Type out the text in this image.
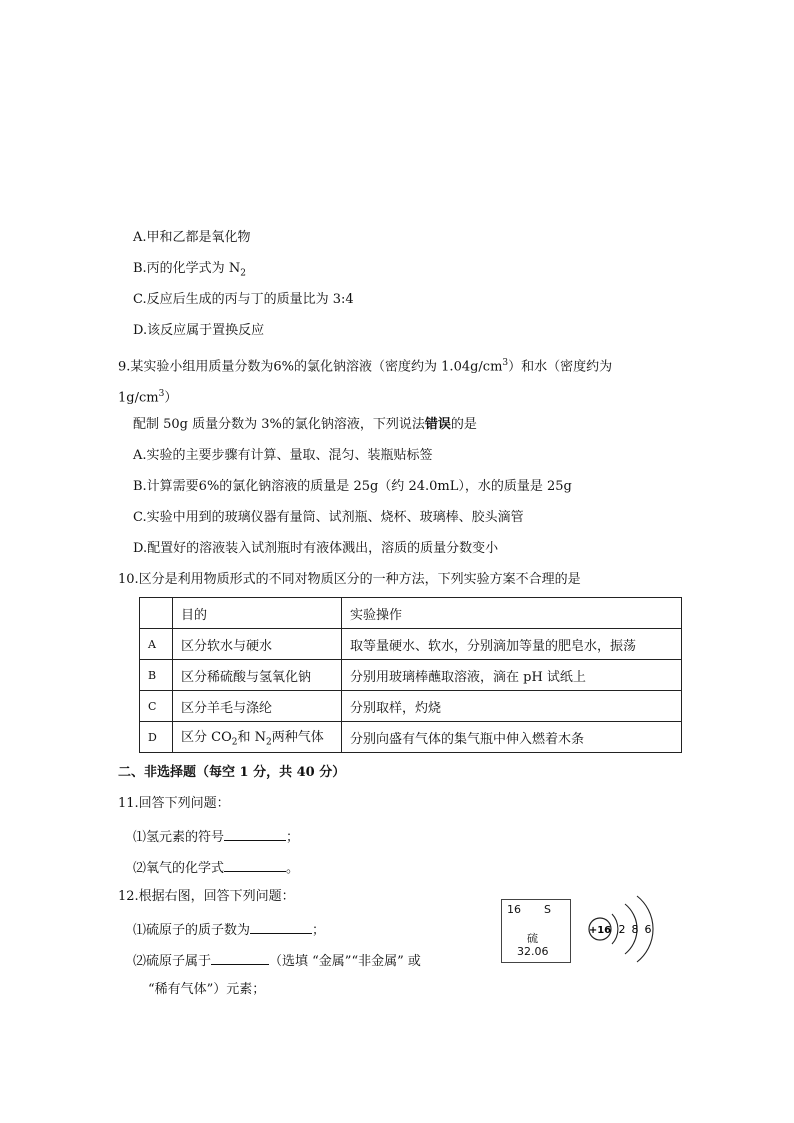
A.甲和乙都是氧化物
B.丙的化学式为 $N_2$
C.反应后生成的丙与丁的质量比为 3:4
D.该反应属于置换反应
9.某实验小组用质量分数为6%的氯化钠溶液（密度约为 $1.04g/cm^3$）和水（密度约为
$1g/cm^3$）
配制 50g 质量分数为 3%的氯化钠溶液，下列说法错误的是
A.实验的主要步骤有计算、量取、混匀、装瓶贴标签
B.计算需要6%的氯化钠溶液的质量是 25g（约 24.0mL），水的质量是 25g
C.实验中用到的玻璃仪器有量筒、试剂瓶、烧杯、玻璃棒、胶头滴管
D.配置好的溶液装入试剂瓶时有液体溅出，溶质的质量分数变小
10.区分是利用物质形式的不同对物质区分的一种方法，下列实验方案不合理的是
	目的	实验操作
A	区分软水与硬水	取等量硬水、软水，分别滴加等量的肥皂水，振荡
B	区分稀硫酸与氢氧化钠	分别用玻璃棒蘸取溶液，滴在 pH 试纸上
C	区分羊毛与涤纶	分别取样，灼烧
D	区分 $CO_2$和 $N_2$两种气体	分别向盛有气体的集气瓶中伸入燃着木条
二、非选择题（每空 1 分，共 40 分）
11.回答下列问题：
⑴氢元素的符号	；
⑵氧气的化学式	。
12.根据右图，回答下列问题：
⑴硫原子的质子数为	；
⑵硫原子属于	（选填 “金属”“非金属” 或
“稀有气体”）元素；
16 S
硫
32.06
+16 2 8 6
